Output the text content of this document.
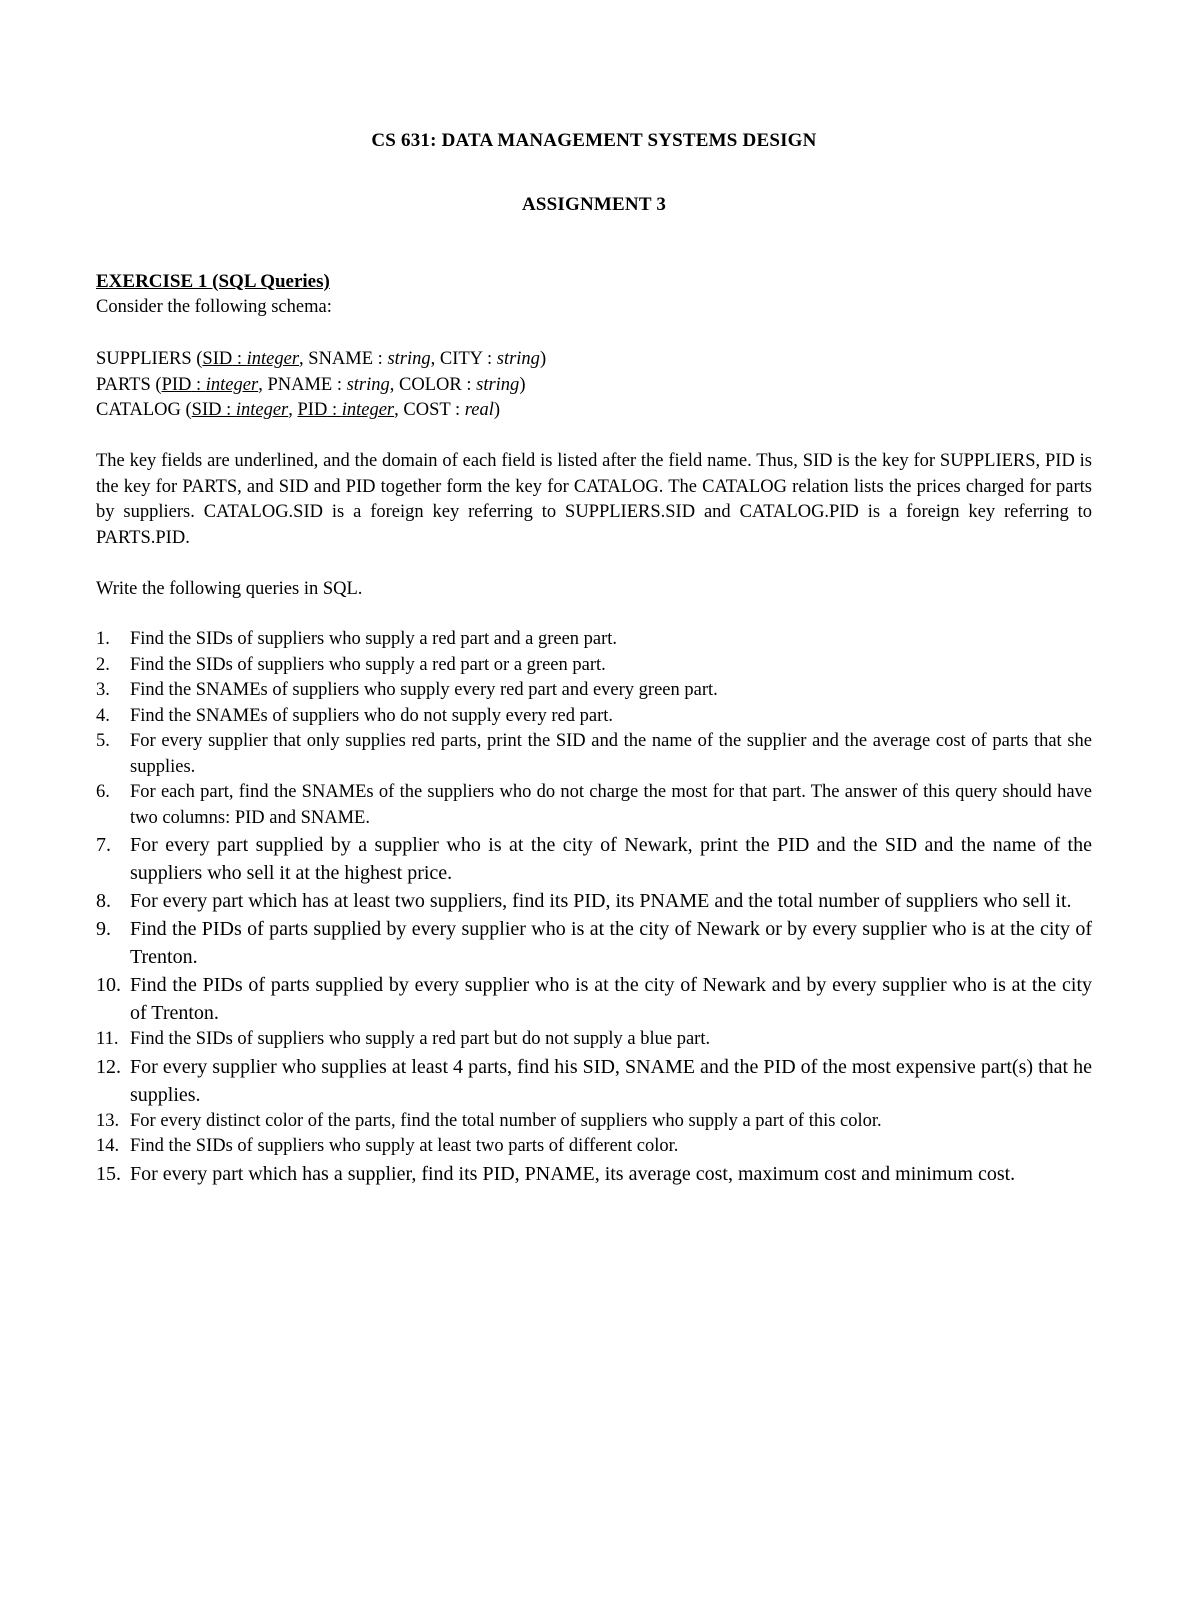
CS 631: DATA MANAGEMENT SYSTEMS DESIGN
ASSIGNMENT 3
EXERCISE 1 (SQL Queries)
Consider the following schema:
SUPPLIERS (SID : integer, SNAME : string, CITY : string)
PARTS (PID : integer, PNAME : string, COLOR : string)
CATALOG (SID : integer, PID : integer, COST : real)
The key fields are underlined, and the domain of each field is listed after the field name. Thus, SID is the key for SUPPLIERS, PID is the key for PARTS, and SID and PID together form the key for CATALOG. The CATALOG relation lists the prices charged for parts by suppliers. CATALOG.SID is a foreign key referring to SUPPLIERS.SID and CATALOG.PID is a foreign key referring to PARTS.PID.
Write the following queries in SQL.
1. Find the SIDs of suppliers who supply a red part and a green part.
2. Find the SIDs of suppliers who supply a red part or a green part.
3. Find the SNAMEs of suppliers who supply every red part and every green part.
4. Find the SNAMEs of suppliers who do not supply every red part.
5. For every supplier that only supplies red parts, print the SID and the name of the supplier and the average cost of parts that she supplies.
6. For each part, find the SNAMEs of the suppliers who do not charge the most for that part. The answer of this query should have two columns: PID and SNAME.
7. For every part supplied by a supplier who is at the city of Newark, print the PID and the SID and the name of the suppliers who sell it at the highest price.
8. For every part which has at least two suppliers, find its PID, its PNAME and the total number of suppliers who sell it.
9. Find the PIDs of parts supplied by every supplier who is at the city of Newark or by every supplier who is at the city of Trenton.
10. Find the PIDs of parts supplied by every supplier who is at the city of Newark and by every supplier who is at the city of Trenton.
11. Find the SIDs of suppliers who supply a red part but do not supply a blue part.
12. For every supplier who supplies at least 4 parts, find his SID, SNAME and the PID of the most expensive part(s) that he supplies.
13. For every distinct color of the parts, find the total number of suppliers who supply a part of this color.
14. Find the SIDs of suppliers who supply at least two parts of different color.
15. For every part which has a supplier, find its PID, PNAME, its average cost, maximum cost and minimum cost.
